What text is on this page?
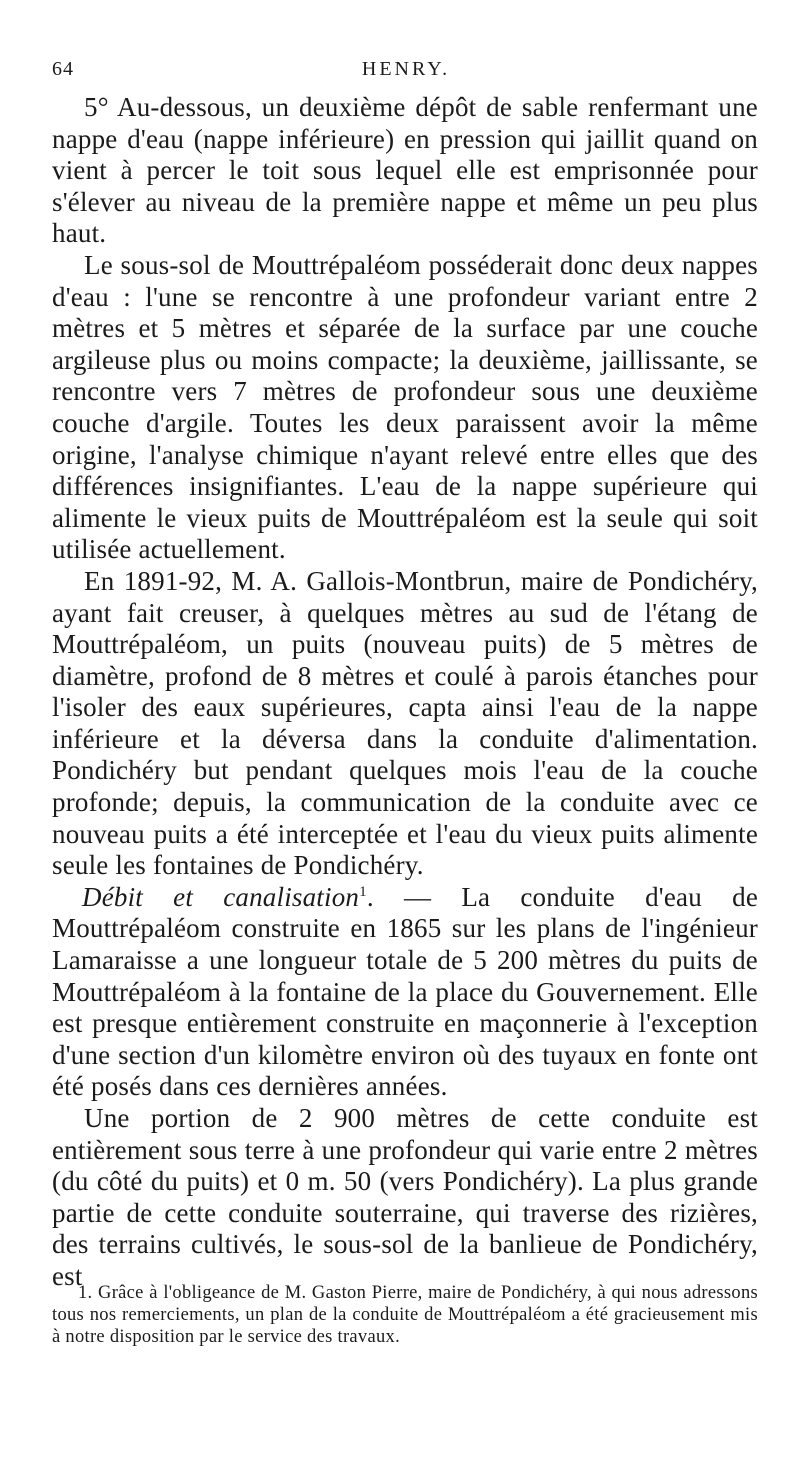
64	HENRY.

5° Au-dessous, un deuxième dépôt de sable renfermant une nappe d'eau (nappe inférieure) en pression qui jaillit quand on vient à percer le toit sous lequel elle est emprisonnée pour s'élever au niveau de la première nappe et même un peu plus haut.

Le sous-sol de Mouttrépaléom posséderait donc deux nappes d'eau : l'une se rencontre à une profondeur variant entre 2 mètres et 5 mètres et séparée de la surface par une couche argileuse plus ou moins compacte; la deuxième, jaillissante, se rencontre vers 7 mètres de profondeur sous une deuxième couche d'argile. Toutes les deux paraissent avoir la même origine, l'analyse chimique n'ayant relevé entre elles que des différences insignifiantes. L'eau de la nappe supérieure qui alimente le vieux puits de Mouttrépaléom est la seule qui soit utilisée actuellement.

En 1891-92, M. A. Gallois-Montbrun, maire de Pondichéry, ayant fait creuser, à quelques mètres au sud de l'étang de Mouttrépaléom, un puits (nouveau puits) de 5 mètres de diamètre, profond de 8 mètres et coulé à parois étanches pour l'isoler des eaux supérieures, capta ainsi l'eau de la nappe inférieure et la déversa dans la conduite d'alimentation. Pondichéry but pendant quelques mois l'eau de la couche profonde; depuis, la communication de la conduite avec ce nouveau puits a été interceptée et l'eau du vieux puits alimente seule les fontaines de Pondichéry.

Débit et canalisation$^1$. — La conduite d'eau de Mouttrépaléom construite en 1865 sur les plans de l'ingénieur Lamaraisse a une longueur totale de 5 200 mètres du puits de Mouttrépaléom à la fontaine de la place du Gouvernement. Elle est presque entièrement construite en maçonnerie à l'exception d'une section d'un kilomètre environ où des tuyaux en fonte ont été posés dans ces dernières années.

Une portion de 2 900 mètres de cette conduite est entièrement sous terre à une profondeur qui varie entre 2 mètres (du côté du puits) et 0 m. 50 (vers Pondichéry). La plus grande partie de cette conduite souterraine, qui traverse des rizières, des terrains cultivés, le sous-sol de la banlieue de Pondichéry, est

1. Grâce à l'obligeance de M. Gaston Pierre, maire de Pondichéry, à qui nous adressons tous nos remerciements, un plan de la conduite de Mouttrépaléom a été gracieusement mis à notre disposition par le service des travaux.
